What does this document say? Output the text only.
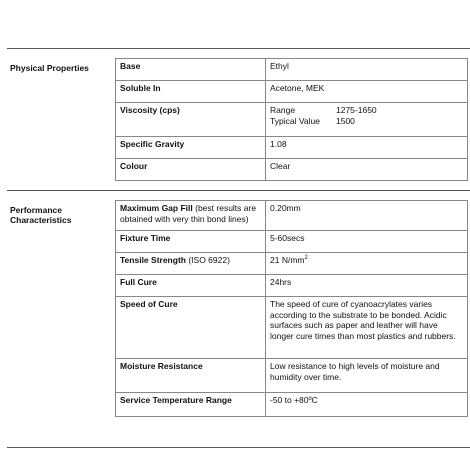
Physical Properties	Base	Ethyl
Soluble In	Acetone, MEK
Viscosity (cps)	Range 1275-1650
Typical Value 1500
Specific Gravity	1.08
Colour	Clear
Performance
Characteristics
Maximum Gap Fill (best results are obtained with very thin bond lines)	0.20mm
Fixture Time	5-60secs
Tensile Strength (ISO 6922)	21 $N/mm^2$
Full Cure	24hrs
Speed of Cure	The speed of cure of cyanoacrylates varies according to the substrate to be bonded. Acidic surfaces such as paper and leather will have longer cure times than most plastics and rubbers.
Moisture Resistance	Low resistance to high levels of moisture and humidity over time.
Service Temperature Range	-50 to +80ºC
